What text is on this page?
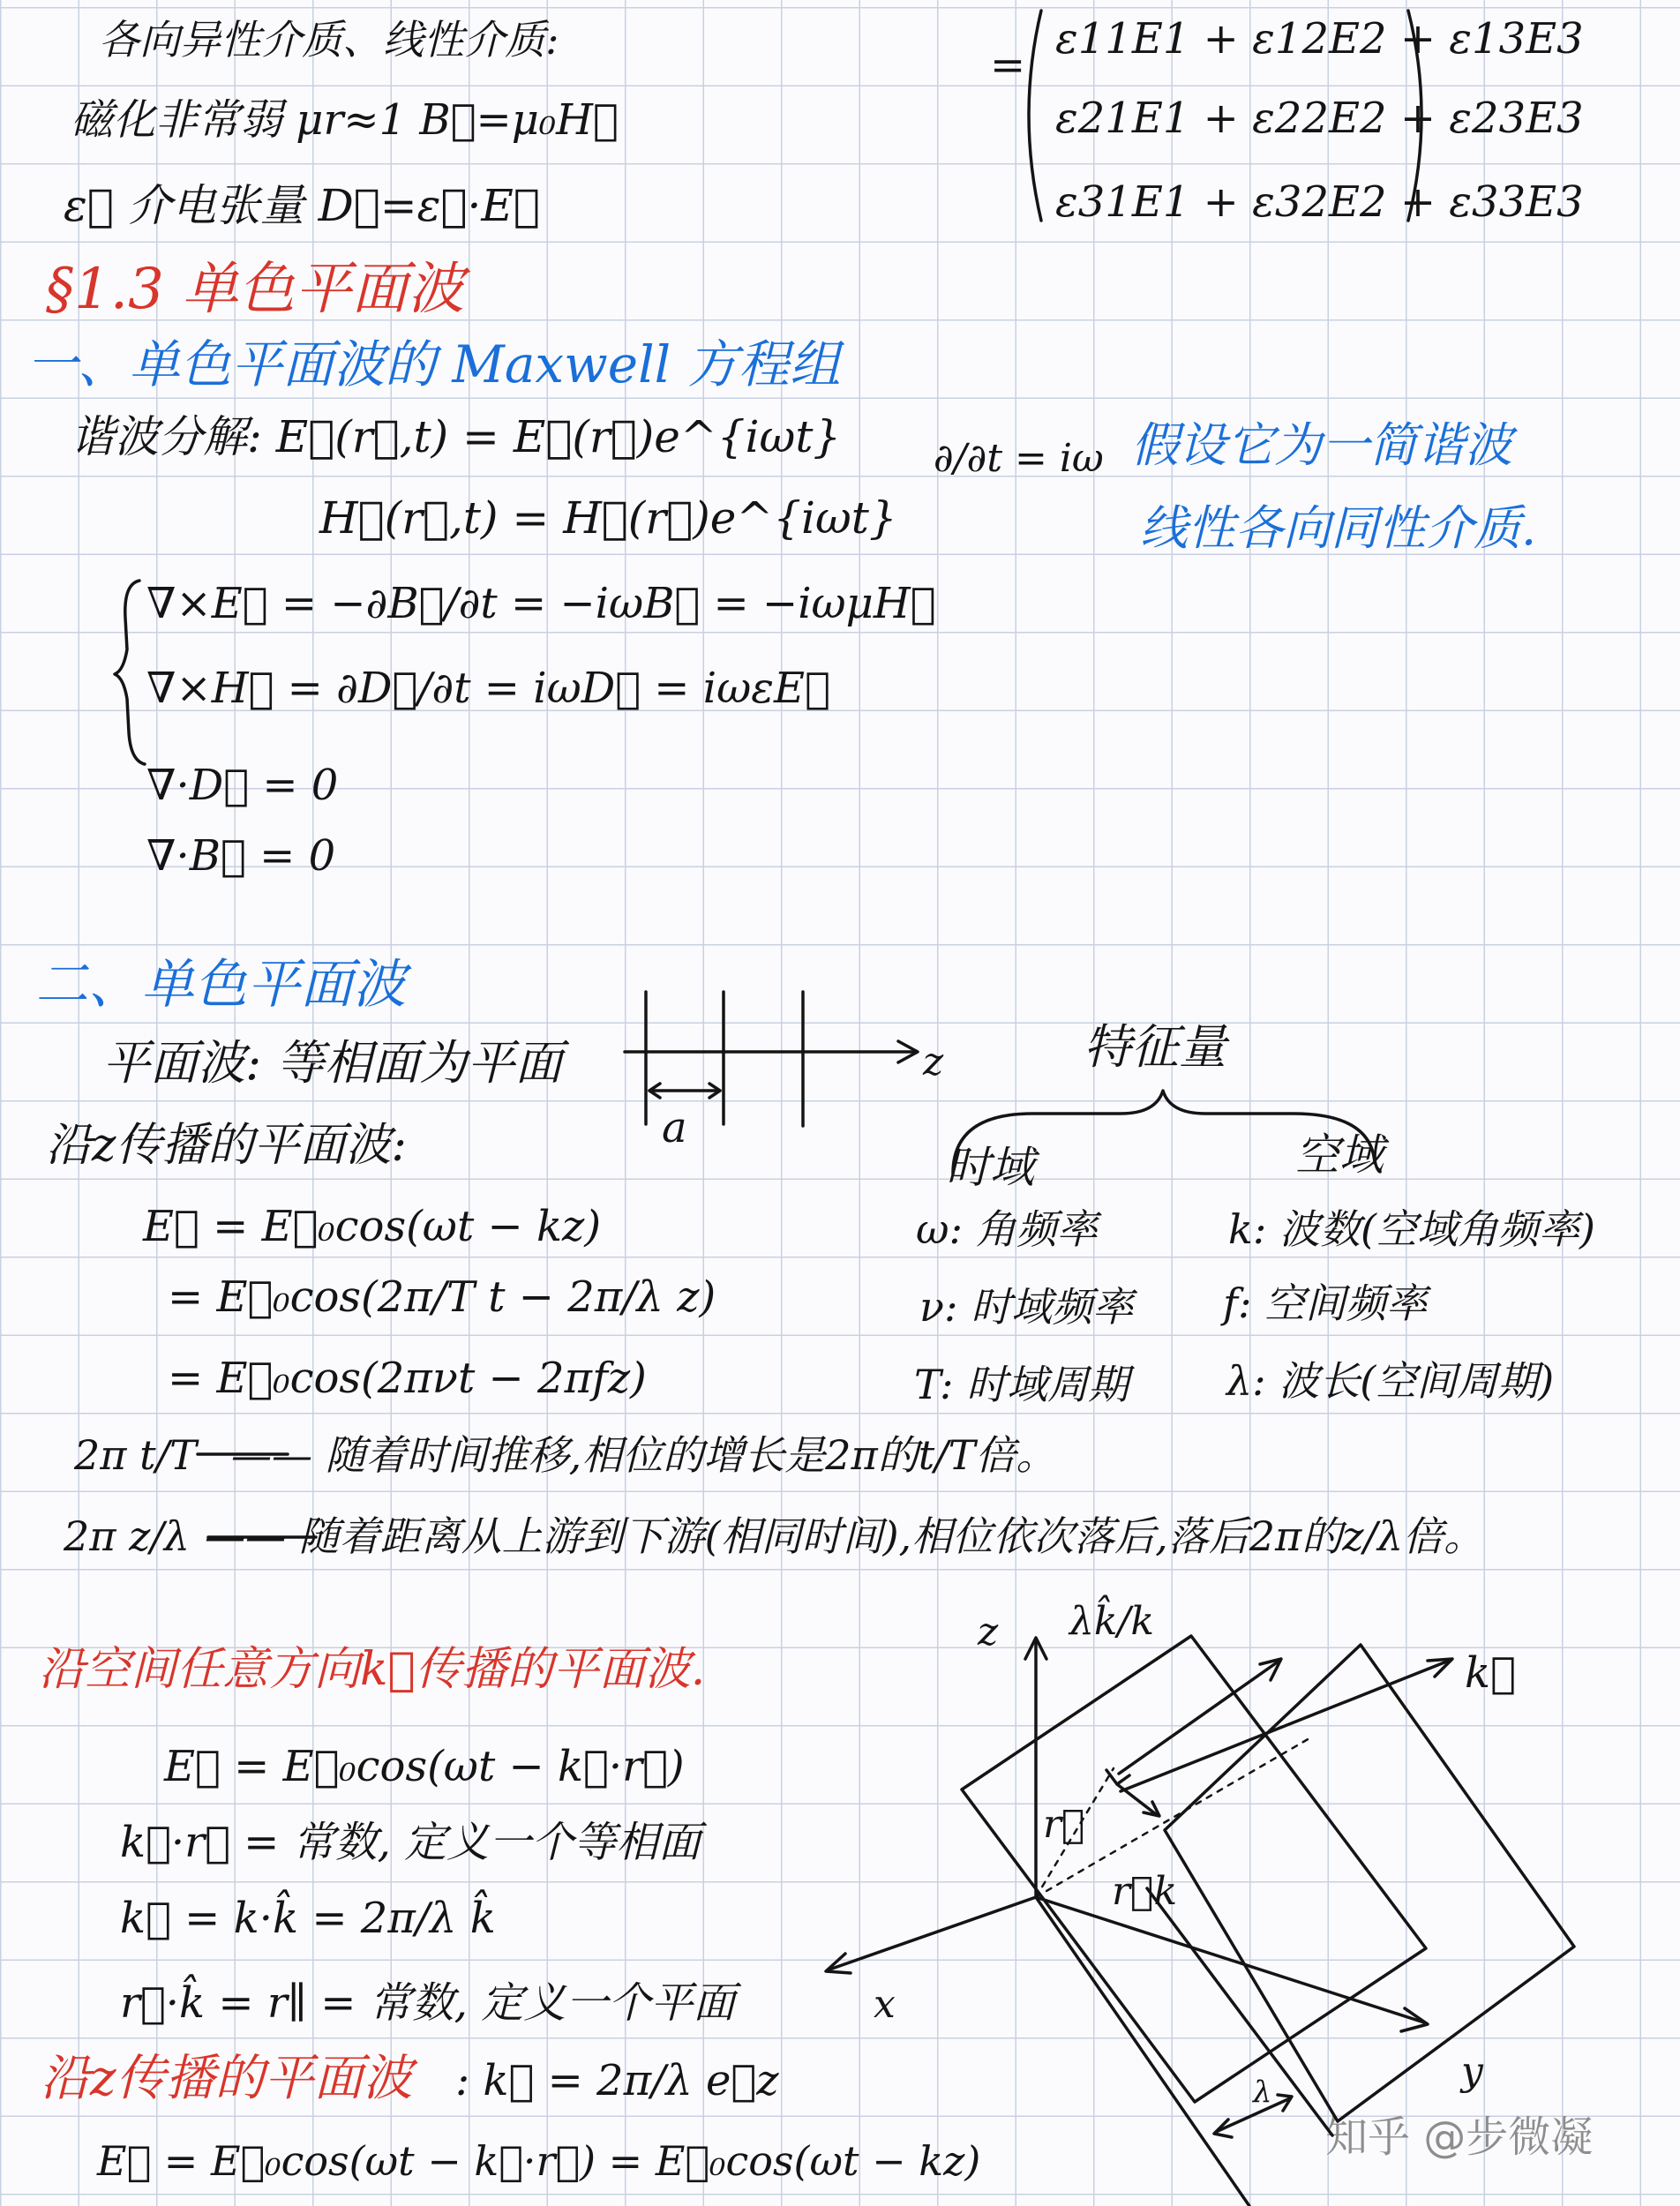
各向异性介质、线性介质:
磁化非常弱 μr≈1 B⃗=μ₀H⃗
ε⃡ 介电张量 D⃗=ε⃡·E⃗
=
ε11E1 + ε12E2 + ε13E3
ε21E1 + ε22E2 + ε23E3
ε31E1 + ε32E2 + ε33E3
§1.3 单色平面波
一、单色平面波的 Maxwell 方程组
谐波分解: E⃗(r⃗,t) = E⃗(r⃗)e^{iωt}
H⃗(r⃗,t) = H⃗(r⃗)e^{iωt}
∂/∂t = iω 假设它为一简谐波
线性各向同性介质.
∇×E⃗ = −∂B⃗/∂t = −iωB⃗ = −iωμH⃗
∇×H⃗ = ∂D⃗/∂t = iωD⃗ = iωεE⃗
∇·D⃗ = 0
∇·B⃗ = 0
二、单色平面波
平面波: 等相面为平面
沿z传播的平面波:
E⃗ = E⃗₀cos(ωt − kz)
= E⃗₀cos(2π/T t − 2π/λ z)
= E⃗₀cos(2πνt − 2πfz)
特征量
时域	空域
ω: 角频率	k: 波数(空域角频率)
ν: 时域频率 f: 空间频率
T: 时域周期 λ: 波长(空间周期)
2π t/T —— 随着时间推移,相位的增长是2π的t/T倍。
2π z/λ —— 随着距离从上游到下游(相同时间),相位依次落后,落后2π的z/λ倍。
沿空间任意方向k⃗传播的平面波.
E⃗ = E⃗₀cos(ωt − k⃗·r⃗)
k⃗·r⃗ = 常数, 定义一个等相面
k⃗ = k·k̂ = 2π/λ k̂
r⃗·k̂ = r∥ = 常数, 定义一个平面
沿z传播的平面波 : k⃗ = 2π/λ e⃗z
E⃗ = E⃗₀cos(ωt − k⃗·r⃗) = E⃗₀cos(ωt − kz)	知乎 @步微凝
z
a
z λk̂/k
k⃗
r⃗
r⃗k
x
y
λ
